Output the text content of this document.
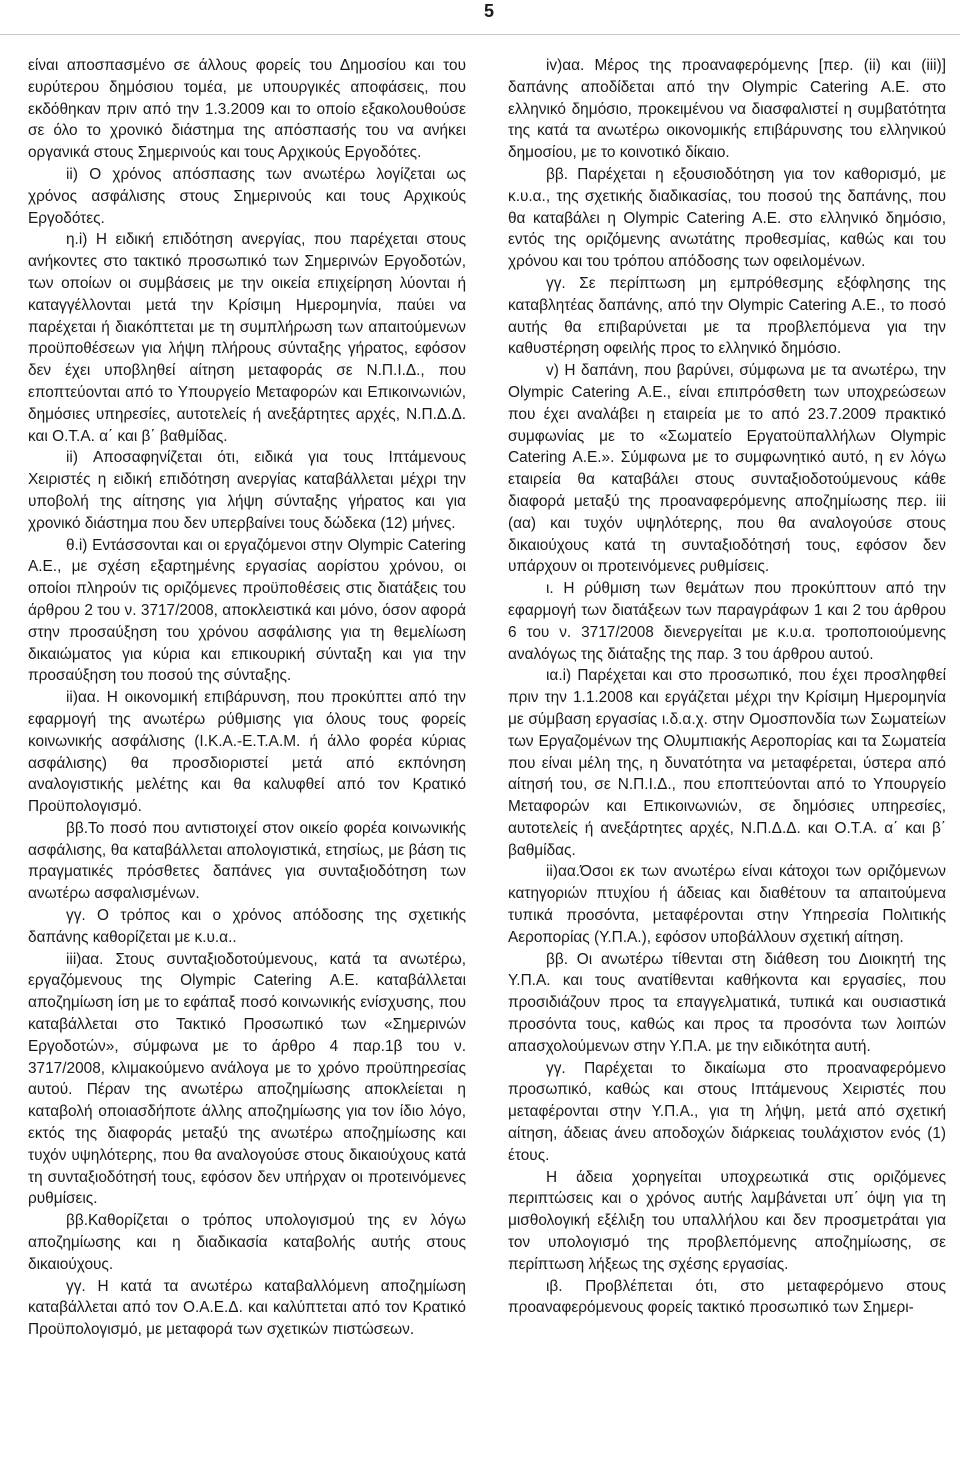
5

είναι αποσπασμένο σε άλλους φορείς του Δημοσίου και του ευρύτερου δημόσιου τομέα, με υπουργικές αποφάσεις, που εκδόθηκαν πριν από την 1.3.2009 και το οποίο εξακολουθούσε σε όλο το χρονικό διάστημα της απόσπασής του να ανήκει οργανικά στους Σημερινούς και τους Αρχικούς Εργοδότες.

ii) Ο χρόνος απόσπασης των ανωτέρω λογίζεται ως χρόνος ασφάλισης στους Σημερινούς και τους Αρχικούς Εργοδότες.

η.i) Η ειδική επιδότηση ανεργίας, που παρέχεται στους ανήκοντες στο τακτικό προσωπικό των Σημερινών Εργοδοτών, των οποίων οι συμβάσεις με την οικεία επιχείρηση λύονται ή καταγγέλλονται μετά την Κρίσιμη Ημερομηνία, παύει να παρέχεται ή διακόπτεται με τη συμπλήρωση των απαιτούμενων προϋποθέσεων για λήψη πλήρους σύνταξης γήρατος, εφόσον δεν έχει υποβληθεί αίτηση μεταφοράς σε Ν.Π.Ι.Δ., που εποπτεύονται από το Υπουργείο Μεταφορών και Επικοινωνιών, δημόσιες υπηρεσίες, αυτοτελείς ή ανεξάρτητες αρχές, Ν.Π.Δ.Δ. και Ο.Τ.Α. α΄ και β΄ βαθμίδας.

ii) Αποσαφηνίζεται ότι, ειδικά για τους Ιπτάμενους Χειριστές η ειδική επιδότηση ανεργίας καταβάλλεται μέχρι την υποβολή της αίτησης για λήψη σύνταξης γήρατος και για χρονικό διάστημα που δεν υπερβαίνει τους δώδεκα (12) μήνες.

θ.i) Εντάσσονται και οι εργαζόμενοι στην Olympic Catering Α.Ε., με σχέση εξαρτημένης εργασίας αορίστου χρόνου, οι οποίοι πληρούν τις οριζόμενες προϋποθέσεις στις διατάξεις του άρθρου 2 του ν. 3717/2008, αποκλειστικά και μόνο, όσον αφορά στην προσαύξηση του χρόνου ασφάλισης για τη θεμελίωση δικαιώματος για κύρια και επικουρική σύνταξη και για την προσαύξηση του ποσού της σύνταξης.

ii)αα. Η οικονομική επιβάρυνση, που προκύπτει από την εφαρμογή της ανωτέρω ρύθμισης για όλους τους φορείς κοινωνικής ασφάλισης (Ι.Κ.Α.-Ε.Τ.Α.Μ. ή άλλο φορέα κύριας ασφάλισης) θα προσδιοριστεί μετά από εκπόνηση αναλογιστικής μελέτης και θα καλυφθεί από τον Κρατικό Προϋπολογισμό.

ββ.Το ποσό που αντιστοιχεί στον οικείο φορέα κοινωνικής ασφάλισης, θα καταβάλλεται απολογιστικά, ετησίως, με βάση τις πραγματικές πρόσθετες δαπάνες για συνταξιοδότηση των ανωτέρω ασφαλισμένων.

γγ. Ο τρόπος και ο χρόνος απόδοσης της σχετικής δαπάνης καθορίζεται με κ.υ.α..

iii)αα. Στους συνταξιοδοτούμενους, κατά τα ανωτέρω, εργαζόμενους της Olympic Catering Α.Ε. καταβάλλεται αποζημίωση ίση με το εφάπαξ ποσό κοινωνικής ενίσχυσης, που καταβάλλεται στο Τακτικό Προσωπικό των «Σημερινών Εργοδοτών», σύμφωνα με το άρθρο 4 παρ.1β του ν. 3717/2008, κλιμακούμενο ανάλογα με το χρόνο προϋπηρεσίας αυτού. Πέραν της ανωτέρω αποζημίωσης αποκλείεται η καταβολή οποιασδήποτε άλλης αποζημίωσης για τον ίδιο λόγο, εκτός της διαφοράς μεταξύ της ανωτέρω αποζημίωσης και τυχόν υψηλότερης, που θα αναλογούσε στους δικαιούχους κατά τη συνταξιοδότησή τους, εφόσον δεν υπήρχαν οι προτεινόμενες ρυθμίσεις.

ββ.Καθορίζεται ο τρόπος υπολογισμού της εν λόγω αποζημίωσης και η διαδικασία καταβολής αυτής στους δικαιούχους.

γγ. Η κατά τα ανωτέρω καταβαλλόμενη αποζημίωση καταβάλλεται από τον Ο.Α.Ε.Δ. και καλύπτεται από τον Κρατικό Προϋπολογισμό, με μεταφορά των σχετικών πιστώσεων.

iv)αα. Μέρος της προαναφερόμενης [περ. (ii) και (iii)] δαπάνης αποδίδεται από την Olympic Catering Α.Ε. στο ελληνικό δημόσιο, προκειμένου να διασφαλιστεί η συμβατότητα της κατά τα ανωτέρω οικονομικής επιβάρυνσης του ελληνικού δημοσίου, με το κοινοτικό δίκαιο.

ββ. Παρέχεται η εξουσιοδότηση για τον καθορισμό, με κ.υ.α., της σχετικής διαδικασίας, του ποσού της δαπάνης, που θα καταβάλει η Olympic Catering Α.Ε. στο ελληνικό δημόσιο, εντός της οριζόμενης ανωτάτης προθεσμίας, καθώς και του χρόνου και του τρόπου απόδοσης των οφειλομένων.

γγ. Σε περίπτωση μη εμπρόθεσμης εξόφλησης της καταβλητέας δαπάνης, από την Olympic Catering Α.Ε., το ποσό αυτής θα επιβαρύνεται με τα προβλεπόμενα για την καθυστέρηση οφειλής προς το ελληνικό δημόσιο.

v) Η δαπάνη, που βαρύνει, σύμφωνα με τα ανωτέρω, την Olympic Catering Α.Ε., είναι επιπρόσθετη των υποχρεώσεων που έχει αναλάβει η εταιρεία με το από 23.7.2009 πρακτικό συμφωνίας με το «Σωματείο Εργατοϋπαλλήλων Olympic Catering Α.Ε.». Σύμφωνα με το συμφωνητικό αυτό, η εν λόγω εταιρεία θα καταβάλει στους συνταξιοδοτούμενους κάθε διαφορά μεταξύ της προαναφερόμενης αποζημίωσης περ. iii (αα) και τυχόν υψηλότερης, που θα αναλογούσε στους δικαιούχους κατά τη συνταξιοδότησή τους, εφόσον δεν υπάρχουν οι προτεινόμενες ρυθμίσεις.

ι. Η ρύθμιση των θεμάτων που προκύπτουν από την εφαρμογή των διατάξεων των παραγράφων 1 και 2 του άρθρου 6 του ν. 3717/2008 διενεργείται με κ.υ.α. τροποποιούμενης αναλόγως της διάταξης της παρ. 3 του άρθρου αυτού.

ια.i) Παρέχεται και στο προσωπικό, που έχει προσληφθεί πριν την 1.1.2008 και εργάζεται μέχρι την Κρίσιμη Ημερομηνία με σύμβαση εργασίας ι.δ.α.χ. στην Ομοσπονδία των Σωματείων των Εργαζομένων της Ολυμπιακής Αεροπορίας και τα Σωματεία που είναι μέλη της, η δυνατότητα να μεταφέρεται, ύστερα από αίτησή του, σε Ν.Π.Ι.Δ., που εποπτεύονται από το Υπουργείο Μεταφορών και Επικοινωνιών, σε δημόσιες υπηρεσίες, αυτοτελείς ή ανεξάρτητες αρχές, Ν.Π.Δ.Δ. και Ο.Τ.Α. α΄ και β΄ βαθμίδας.

ii)αα.Όσοι εκ των ανωτέρω είναι κάτοχοι των οριζόμενων κατηγοριών πτυχίου ή άδειας και διαθέτουν τα απαιτούμενα τυπικά προσόντα, μεταφέρονται στην Υπηρεσία Πολιτικής Αεροπορίας (Υ.Π.Α.), εφόσον υποβάλλουν σχετική αίτηση.

ββ. Οι ανωτέρω τίθενται στη διάθεση του Διοικητή της Υ.Π.Α. και τους ανατίθενται καθήκοντα και εργασίες, που προσιδιάζουν προς τα επαγγελματικά, τυπικά και ουσιαστικά προσόντα τους, καθώς και προς τα προσόντα των λοιπών απασχολούμενων στην Υ.Π.Α. με την ειδικότητα αυτή.

γγ. Παρέχεται το δικαίωμα στο προαναφερόμενο προσωπικό, καθώς και στους Ιπτάμενους Χειριστές που μεταφέρονται στην Υ.Π.Α., για τη λήψη, μετά από σχετική αίτηση, άδειας άνευ αποδοχών διάρκειας τουλάχιστον ενός (1) έτους.

Η άδεια χορηγείται υποχρεωτικά στις οριζόμενες περιπτώσεις και ο χρόνος αυτής λαμβάνεται υπ΄ όψη για τη μισθολογική εξέλιξη του υπαλλήλου και δεν προσμετράται για τον υπολογισμό της προβλεπόμενης αποζημίωσης, σε περίπτωση λήξεως της σχέσης εργασίας.

ιβ. Προβλέπεται ότι, στο μεταφερόμενο στους προαναφερόμενους φορείς τακτικό προσωπικό των Σημερι-
